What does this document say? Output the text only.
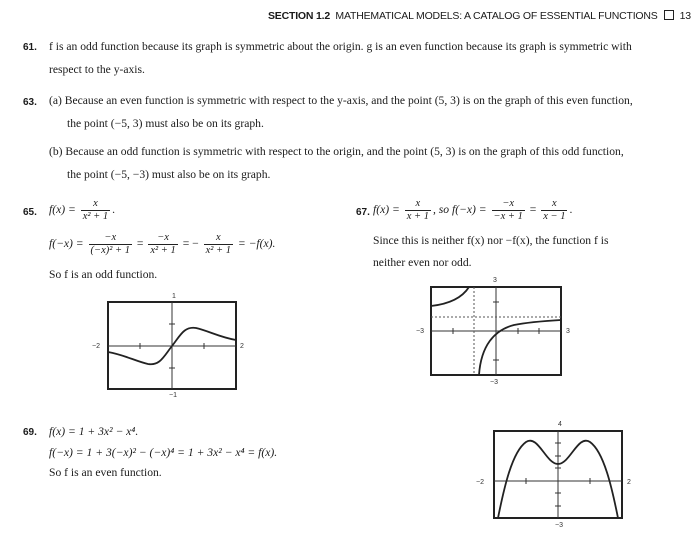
SECTION 1.2 MATHEMATICAL MODELS: A CATALOG OF ESSENTIAL FUNCTIONS 13
61. f is an odd function because its graph is symmetric about the origin. g is an even function because its graph is symmetric with
respect to the y-axis.
63. (a) Because an even function is symmetric with respect to the y-axis, and the point (5, 3) is on the graph of this even function,
the point (−5, 3) must also be on its graph.
(b) Because an odd function is symmetric with respect to the origin, and the point (5, 3) is on the graph of this odd function,
the point (−5, −3) must also be on its graph.
65. $f(x) = \frac{x}{\text{x² + 1}}$ .
$f(-x) = \frac{-x}{\text{(−x)² + 1}} = \frac{-x}{\text{x² + 1}}$ = − $\frac{x}{\text{x² + 1}} = -f(x)$.
So f is an odd function.
1
−1
−2	2
67. $f(x) = \frac{x}{x + 1}$ , so $f(-x) = \frac{-x}{-x + 1} = \frac{x}{x - 1}$ .
Since this is neither f(x) nor −f(x), the function f is
neither even nor odd.
3
−3
−3	3
69. f(x) = 1 + 3x² − x⁴.
f(−x) = 1 + 3(−x)² − (−x)⁴ = 1 + 3x² − x⁴ = f(x).
So f is an even function.
4
−3
−2	2
